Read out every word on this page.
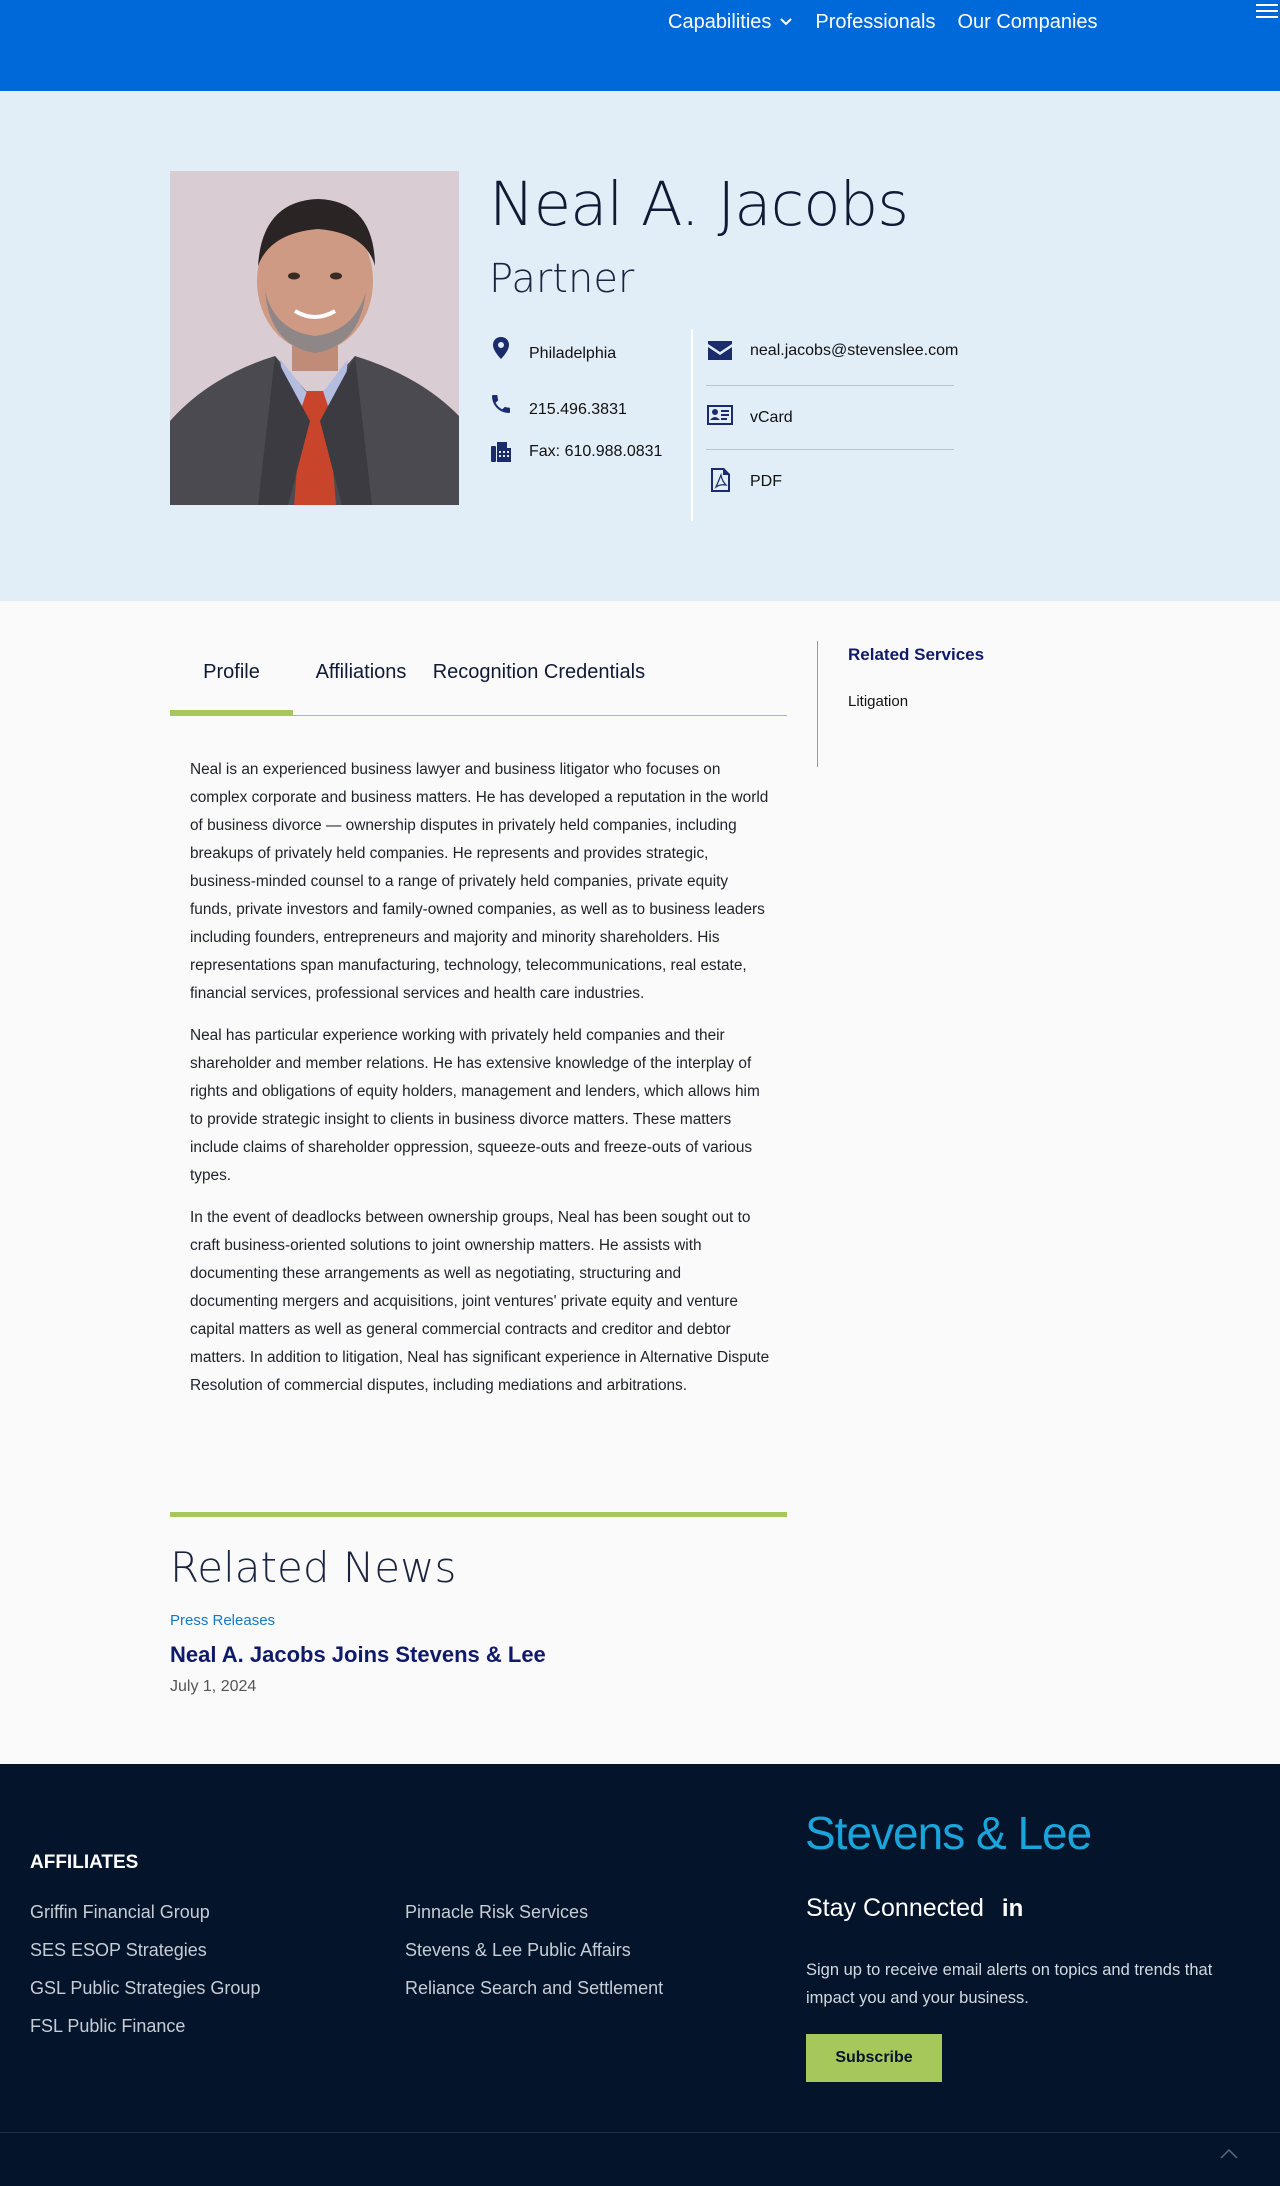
Capabilities Professionals Our Companies
Neal A. Jacobs
Partner
Philadelphia
215.496.3831
Fax: 610.988.0831
neal.jacobs@stevenslee.com
vCard
PDF
Profile	Affiliations	Recognition Credentials

Neal is an experienced business lawyer and business litigator who focuses on complex corporate and business matters. He has developed a reputation in the world of business divorce — ownership disputes in privately held companies, including breakups of privately held companies. He represents and provides strategic, business-minded counsel to a range of privately held companies, private equity funds, private investors and family-owned companies, as well as to business leaders including founders, entrepreneurs and majority and minority shareholders. His representations span manufacturing, technology, telecommunications, real estate, financial services, professional services and health care industries.

Neal has particular experience working with privately held companies and their shareholder and member relations. He has extensive knowledge of the interplay of rights and obligations of equity holders, management and lenders, which allows him to provide strategic insight to clients in business divorce matters. These matters include claims of shareholder oppression, squeeze-outs and freeze-outs of various types.

In the event of deadlocks between ownership groups, Neal has been sought out to craft business-oriented solutions to joint ownership matters. He assists with documenting these arrangements as well as negotiating, structuring and documenting mergers and acquisitions, joint ventures' private equity and venture capital matters as well as general commercial contracts and creditor and debtor matters. In addition to litigation, Neal has significant experience in Alternative Dispute Resolution of commercial disputes, including mediations and arbitrations.

Related Services
Litigation
Related News
Press Releases
Neal A. Jacobs Joins Stevens & Lee
July 1, 2024
AFFILIATES
Griffin Financial Group
SES ESOP Strategies
GSL Public Strategies Group
FSL Public Finance
Pinnacle Risk Services
Stevens & Lee Public Affairs
Reliance Search and Settlement
Stevens & Lee
Stay Connected in
Sign up to receive email alerts on topics and trends that impact you and your business.
Subscribe
